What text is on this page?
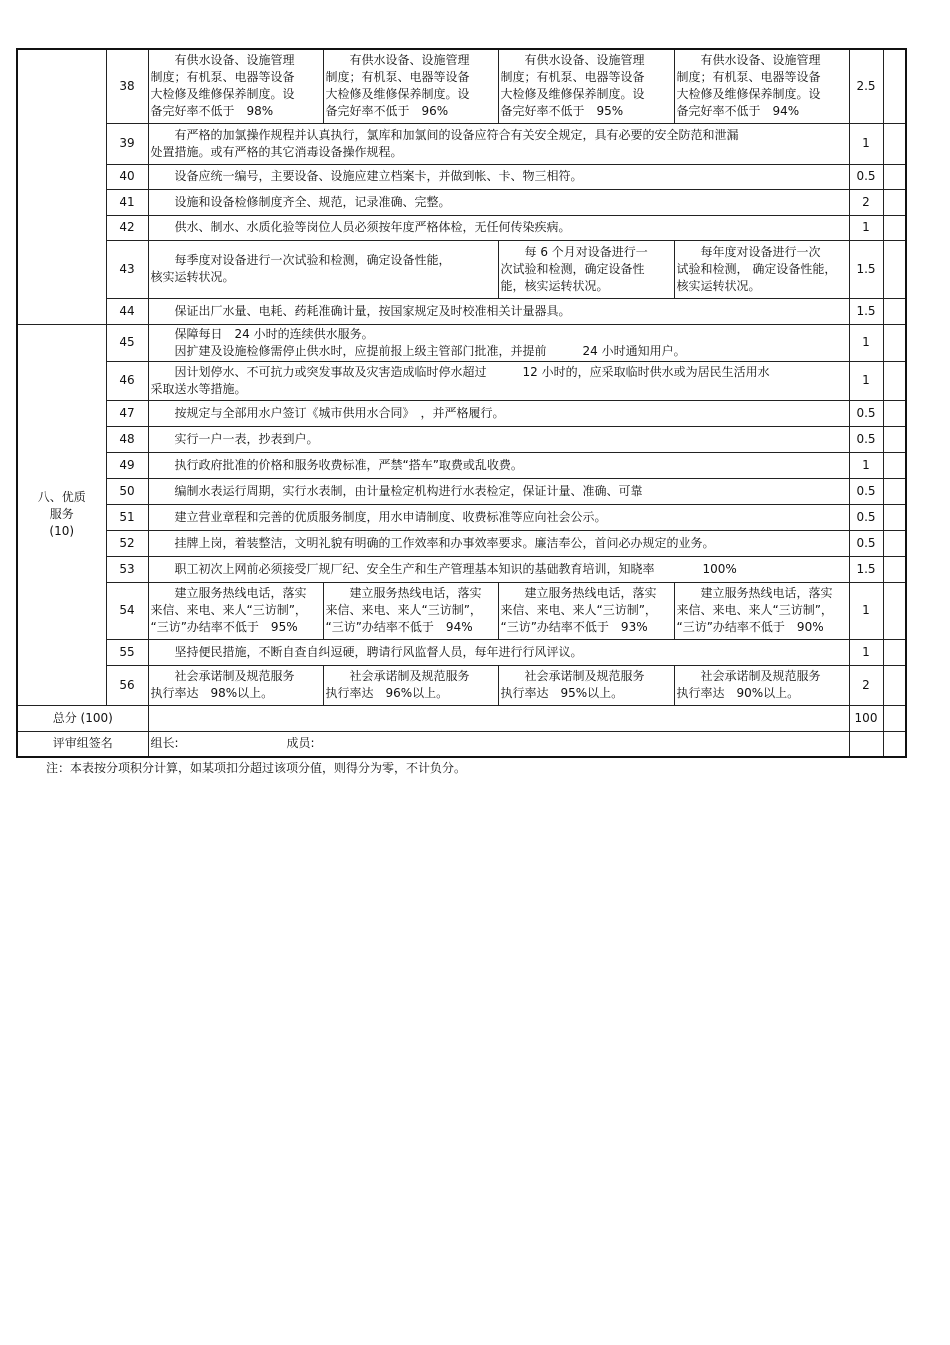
	38	有供水设备、设施管理
制度；有机泵、电器等设备
大检修及维修保养制度。设
备完好率不低于　98%	有供水设备、设施管理
制度；有机泵、电器等设备
大检修及维修保养制度。设
备完好率不低于　96%	有供水设备、设施管理
制度；有机泵、电器等设备
大检修及维修保养制度。设
备完好率不低于　95%	有供水设备、设施管理
制度；有机泵、电器等设备
大检修及维修保养制度。设
备完好率不低于　94%	2.5	
	39	有严格的加氯操作规程并认真执行，氯库和加氯间的设备应符合有关安全规定，具有必要的安全防范和泄漏
处置措施。或有严格的其它消毒设备操作规程。				1	
	40	设备应统一编号，主要设备、设施应建立档案卡，并做到帐、卡、物三相符。				0.5	
	41	设施和设备检修制度齐全、规范，记录准确、完整。				2	
	42	供水、制水、水质化验等岗位人员必须按年度严格体检，无任何传染疾病。				1	
	43	每季度对设备进行一次试验和检测，确定设备性能，
核实运转状况。		每 6 个月对设备进行一
次试验和检测，确定设备性
能，核实运转状况。	每年度对设备进行一次
试验和检测， 确定设备性能，
核实运转状况。	1.5	
	44	保证出厂水量、电耗、药耗准确计量，按国家规定及时校准相关计量器具。				1.5	

八、优质
服务
(10)	45	保障每日　24 小时的连续供水服务。
因扩建及设施检修需停止供水时，应提前报上级主管部门批准，并提前　　　24 小时通知用户。				1	
	46	因计划停水、不可抗力或突发事故及灾害造成临时停水超过　　　12 小时的，应采取临时供水或为居民生活用水
采取送水等措施。				1	
	47	按规定与全部用水户签订《城市供用水合同》　，并严格履行。				0.5	
	48	实行一户一表，抄表到户。				0.5	
	49	执行政府批准的价格和服务收费标准，严禁“搭车”取费或乱收费。				1	
	50	编制水表运行周期，实行水表制，由计量检定机构进行水表检定，保证计量、准确、可靠				0.5	
	51	建立营业章程和完善的优质服务制度，用水申请制度、收费标准等应向社会公示。				0.5	
	52	挂牌上岗，着装整洁，文明礼貌有明确的工作效率和办事效率要求。廉洁奉公，首问必办规定的业务。				0.5	
	53	职工初次上网前必须接受厂规厂纪、安全生产和生产管理基本知识的基础教育培训，知晓率　　　　100%				1.5	
	54	建立服务热线电话，落实
来信、来电、来人“三访制”，
“三访”办结率不低于　95%	建立服务热线电话，落实
来信、来电、来人“三访制”，
“三访”办结率不低于　94%	建立服务热线电话，落实
来信、来电、来人“三访制”，
“三访”办结率不低于　93%	建立服务热线电话，落实
来信、来电、来人“三访制”，
“三访”办结率不低于　90%	1	
	55	坚持便民措施，不断自查自纠逗硬，聘请行风监督人员，每年进行行风评议。				1	
	56	社会承诺制及规范服务
执行率达　98%以上。	社会承诺制及规范服务
执行率达　96%以上。	社会承诺制及规范服务
执行率达　95%以上。	社会承诺制及规范服务
执行率达　90%以上。	2	
总分 (100)						100	
评审组签名		组长: 成员:					
注：本表按分项积分计算，如某项扣分超过该项分值，则得分为零，不计负分。
